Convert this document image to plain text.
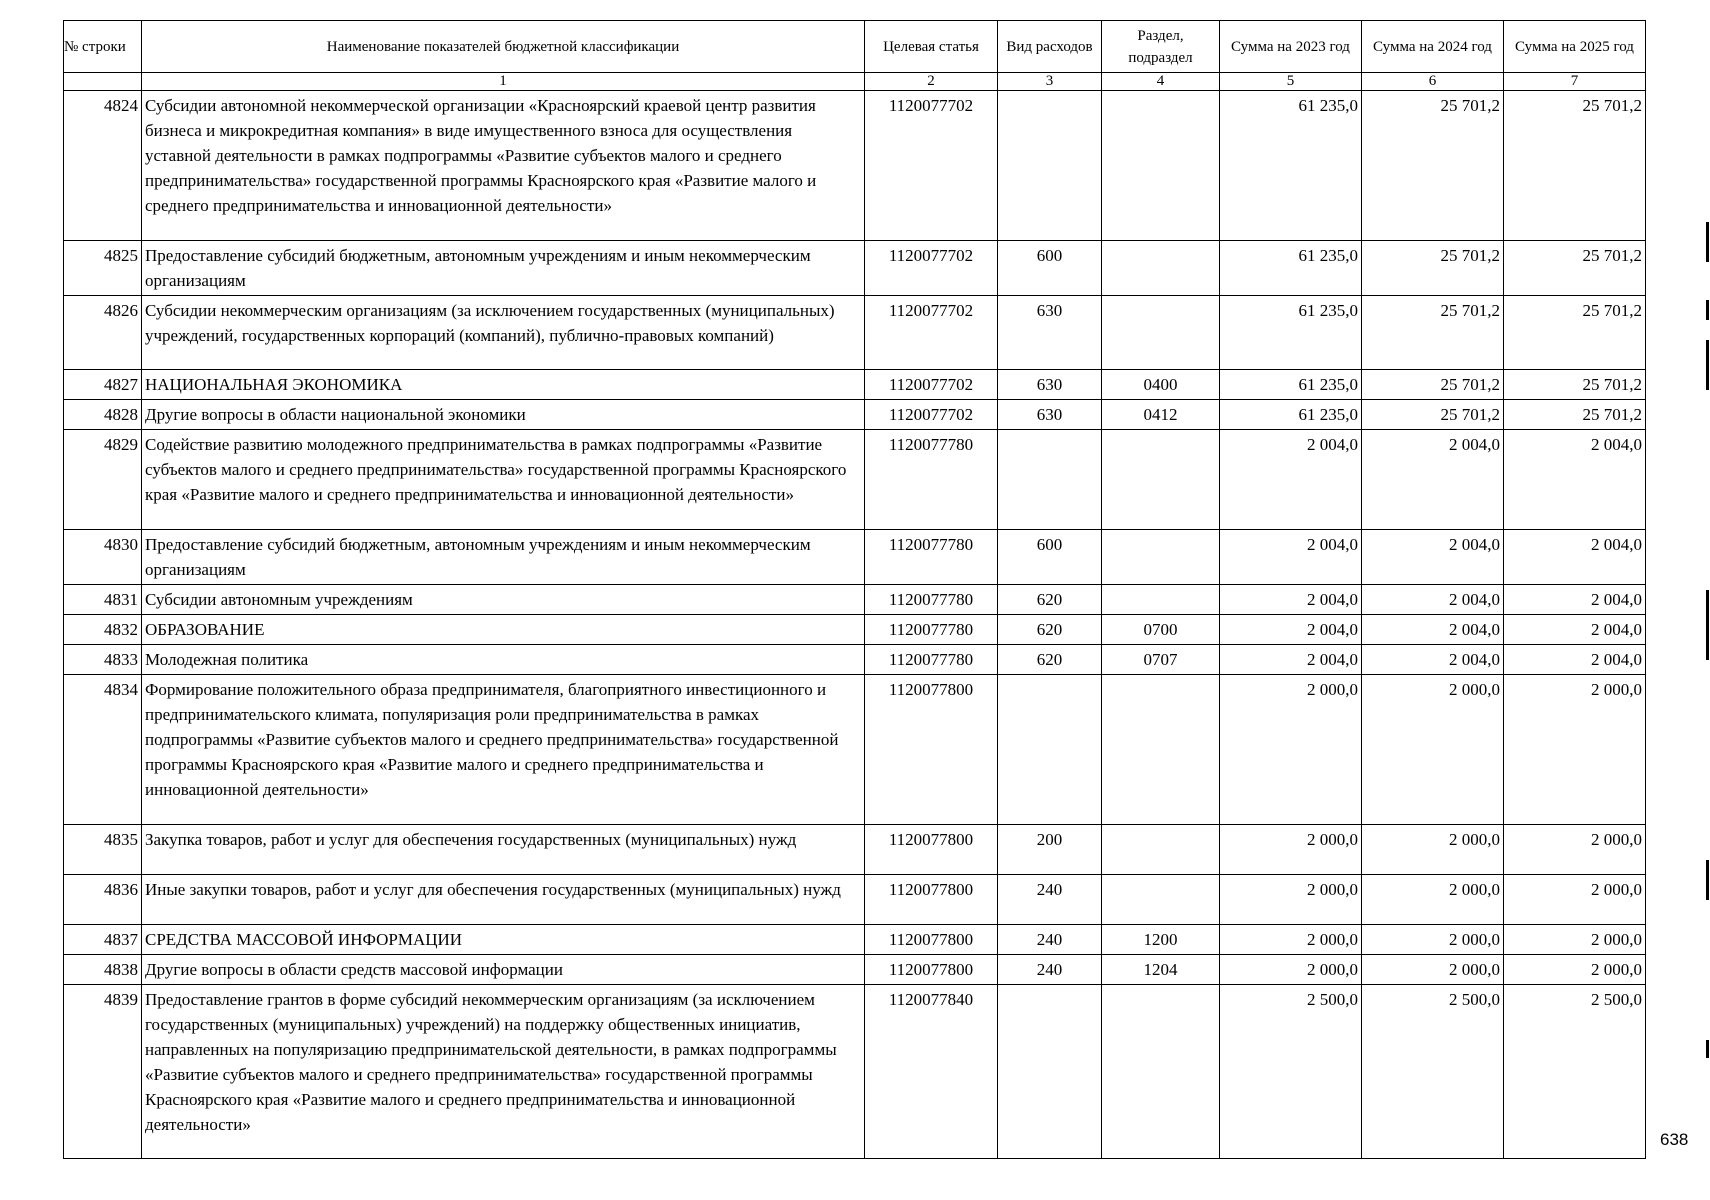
№ строки	Наименование показателей бюджетной классификации	Целевая статья	Вид расходов	Раздел, подраздел	Сумма на 2023 год	Сумма на 2024 год	Сумма на 2025 год
	1	2	3	4	5	6	7
4824	Субсидии автономной некоммерческой организации «Красноярский краевой центр развития бизнеса и микрокредитная компания» в виде имущественного взноса для осуществления уставной деятельности в рамках подпрограммы «Развитие субъектов малого и среднего предпринимательства» государственной программы Красноярского края «Развитие малого и среднего предпринимательства и инновационной деятельности»	1120077702			61 235,0	25 701,2	25 701,2
4825	Предоставление субсидий бюджетным, автономным учреждениям и иным некоммерческим организациям	1120077702	600		61 235,0	25 701,2	25 701,2
4826	Субсидии некоммерческим организациям (за исключением государственных (муниципальных) учреждений, государственных корпораций (компаний), публично-правовых компаний)	1120077702	630		61 235,0	25 701,2	25 701,2
4827	НАЦИОНАЛЬНАЯ ЭКОНОМИКА	1120077702	630	0400	61 235,0	25 701,2	25 701,2
4828	Другие вопросы в области национальной экономики	1120077702	630	0412	61 235,0	25 701,2	25 701,2
4829	Содействие развитию молодежного предпринимательства в рамках подпрограммы «Развитие субъектов малого и среднего предпринимательства» государственной программы Красноярского края «Развитие малого и среднего предпринимательства и инновационной деятельности»	1120077780			2 004,0	2 004,0	2 004,0
4830	Предоставление субсидий бюджетным, автономным учреждениям и иным некоммерческим организациям	1120077780	600		2 004,0	2 004,0	2 004,0
4831	Субсидии автономным учреждениям	1120077780	620		2 004,0	2 004,0	2 004,0
4832	ОБРАЗОВАНИЕ	1120077780	620	0700	2 004,0	2 004,0	2 004,0
4833	Молодежная политика	1120077780	620	0707	2 004,0	2 004,0	2 004,0
4834	Формирование положительного образа предпринимателя, благоприятного инвестиционного и предпринимательского климата, популяризация роли предпринимательства в рамках подпрограммы «Развитие субъектов малого и среднего предпринимательства» государственной программы Красноярского края «Развитие малого и среднего предпринимательства и инновационной деятельности»	1120077800			2 000,0	2 000,0	2 000,0
4835	Закупка товаров, работ и услуг для обеспечения государственных (муниципальных) нужд	1120077800	200		2 000,0	2 000,0	2 000,0
4836	Иные закупки товаров, работ и услуг для обеспечения государственных (муниципальных) нужд	1120077800	240		2 000,0	2 000,0	2 000,0
4837	СРЕДСТВА МАССОВОЙ ИНФОРМАЦИИ	1120077800	240	1200	2 000,0	2 000,0	2 000,0
4838	Другие вопросы в области средств массовой информации	1120077800	240	1204	2 000,0	2 000,0	2 000,0
4839	Предоставление грантов в форме субсидий некоммерческим организациям (за исключением государственных (муниципальных) учреждений) на поддержку общественных инициатив, направленных на популяризацию предпринимательской деятельности, в рамках подпрограммы «Развитие субъектов малого и среднего предпринимательства» государственной программы Красноярского края «Развитие малого и среднего предпринимательства и инновационной деятельности»	1120077840			2 500,0	2 500,0	2 500,0
638
